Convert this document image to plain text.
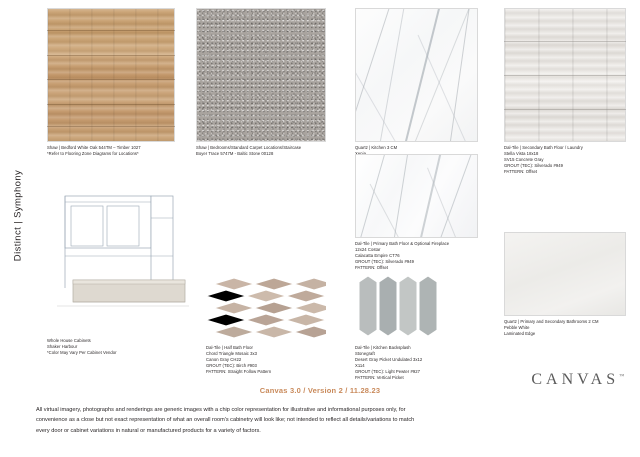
Distinct | Symphony
Shaw | Bedford White Oak 544TM – Timber 1027
*Refer to Flooring Zone Diagrams for Locations*
Shaw | Bedrooms/Standard Carpet Locations/Staircase
Boyer Trace 5747M - Baltic Stone 00128
Quartz | Kitchen 3 CM	Dal-Tile | Secondary Bath Floor / Laundry
Stella Vista 18x18
SV15 Concrete Gray
GROUT (TEC): Silverado #949
PATTERN: Offset
Dal-Tile | Primary Bath Floor & Optional Fireplace
12x24 Costar
Calacatta Empire CT76
GROUT (TEC): Silverado #949
PATTERN: Offset
Quartz | Primary and Secondary Bathrooms 2 CM
Pebble White
Laminated Edge
Whole House Cabinets
Shaker Harbour
*Color May Vary Per Cabinet Vendor
Dal-Tile | Half Bath Floor
Chord Triangle Mosaic 3x3
Canon Gray CH22
GROUT (TEC): Birch #903
PATTERN: Straight Follow Pattern
Dal-Tile | Kitchen Backsplash
Stonegraft
Desert Gray Picket Undulated 3x12
X114
GROUT (TEC): Light Pewter #927
PATTERN: Vertical Picket
Canvas 3.0 / Version 2 / 11.28.23
CANVAS™
All virtual imagery, photographs and renderings are generic images with a chip color representation for illustrative and informational purposes only, for
convenience as a close but not exact representation of what an overall room's cabinetry will look like; not intended to reflect all details/variations to match
every door or cabinet variations in natural or manufactured products for a variety of factors.
